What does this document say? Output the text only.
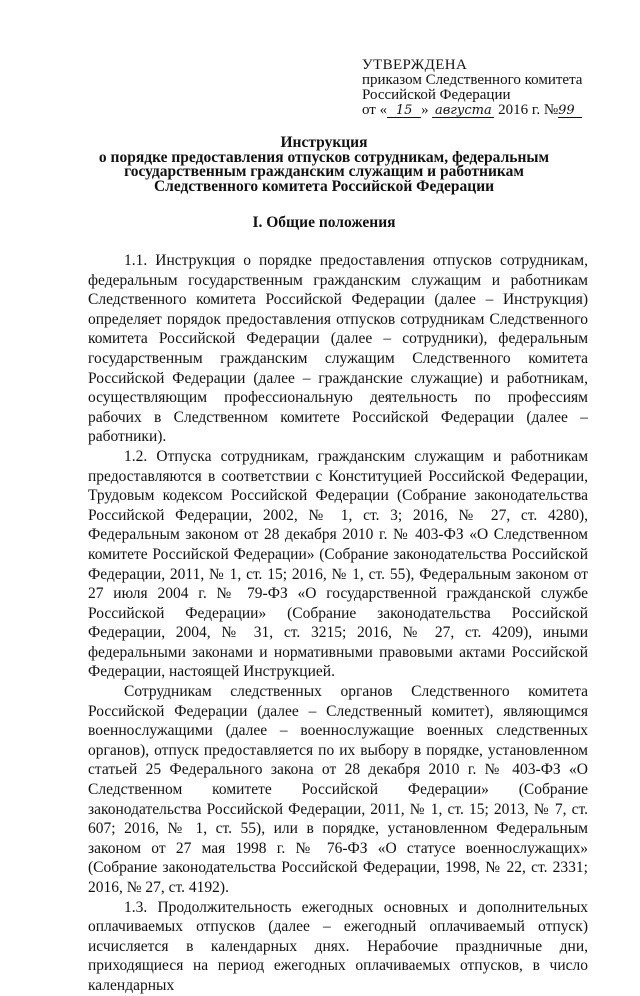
УТВЕРЖДЕНА
приказом Следственного комитета
Российской Федерации
от « 15 » августа 2016 г. №99
Инструкция
о порядке предоставления отпусков сотрудникам, федеральным
государственным гражданским служащим и работникам
Следственного комитета Российской Федерации
I. Общие положения

1.1. Инструкция о порядке предоставления отпусков сотрудникам, федеральным государственным гражданским служащим и работникам Следственного комитета Российской Федерации (далее – Инструкция) определяет порядок предоставления отпусков сотрудникам Следственного комитета Российской Федерации (далее – сотрудники), федеральным государственным гражданским служащим Следственного комитета Российской Федерации (далее – гражданские служащие) и работникам, осуществляющим профессиональную деятельность по профессиям рабочих в Следственном комитете Российской Федерации (далее – работники).

1.2. Отпуска сотрудникам, гражданским служащим и работникам предоставляются в соответствии с Конституцией Российской Федерации, Трудовым кодексом Российской Федерации (Собрание законодательства Российской Федерации, 2002, № 1, ст. 3; 2016, № 27, ст. 4280), Федеральным законом от 28 декабря 2010 г. № 403-ФЗ «О Следственном комитете Российской Федерации» (Собрание законодательства Российской Федерации, 2011, № 1, ст. 15; 2016, № 1, ст. 55), Федеральным законом от 27 июля 2004 г. № 79-ФЗ «О государственной гражданской службе Российской Федерации» (Собрание законодательства Российской Федерации, 2004, № 31, ст. 3215; 2016, № 27, ст. 4209), иными федеральными законами и нормативными правовыми актами Российской Федерации, настоящей Инструкцией.

Сотрудникам следственных органов Следственного комитета Российской Федерации (далее – Следственный комитет), являющимся военнослужащими (далее – военнослужащие военных следственных органов), отпуск предоставляется по их выбору в порядке, установленном статьей 25 Федерального закона от 28 декабря 2010 г. № 403-ФЗ «О Следственном комитете Российской Федерации» (Собрание законодательства Российской Федерации, 2011, № 1, ст. 15; 2013, № 7, ст. 607; 2016, № 1, ст. 55), или в порядке, установленном Федеральным законом от 27 мая 1998 г. № 76-ФЗ «О статусе военнослужащих» (Собрание законодательства Российской Федерации, 1998, № 22, ст. 2331; 2016, № 27, ст. 4192).

1.3. Продолжительность ежегодных основных и дополнительных оплачиваемых отпусков (далее – ежегодный оплачиваемый отпуск) исчисляется в календарных днях. Нерабочие праздничные дни, приходящиеся на период ежегодных оплачиваемых отпусков, в число календарных
